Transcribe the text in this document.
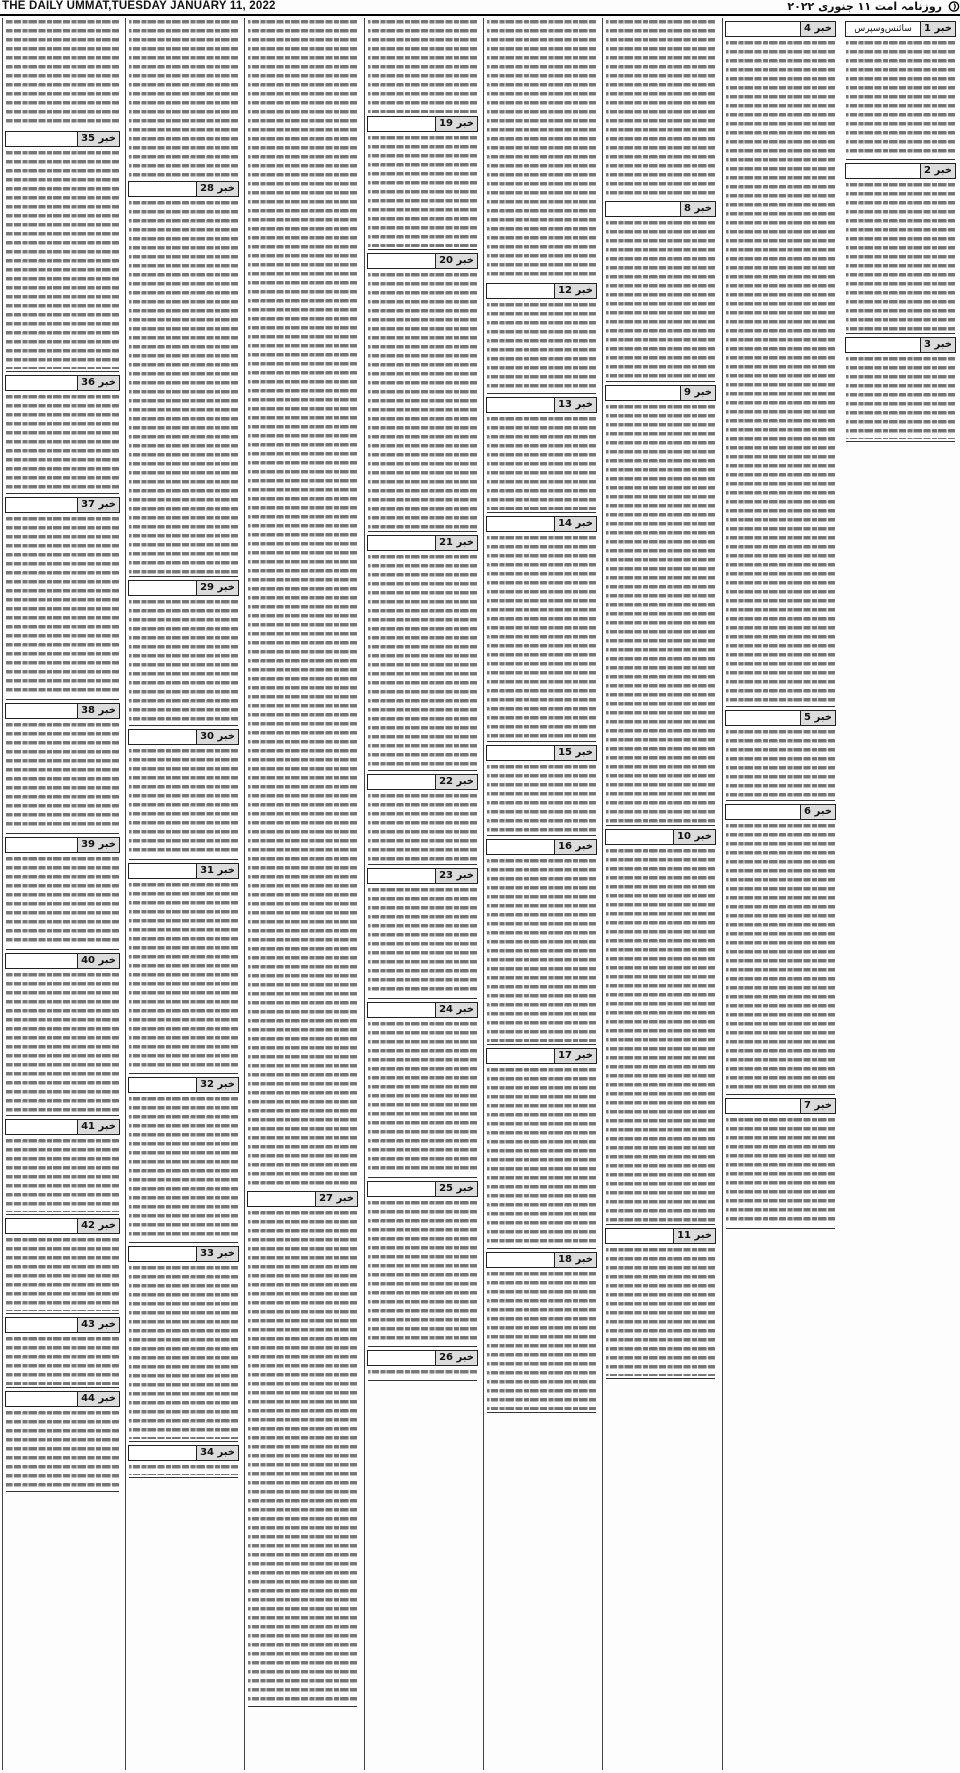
THE DAILY UMMAT,TUESDAY JANUARY 11, 2022	روزنامہ امت ۱۱ جنوری ۲۰۲۲
خبر 1
سائنس‌وسپرس
خبر 2
خبر 3
خبر 4
خبر 5
خبر 6
خبر 7
خبر 8
خبر 9
خبر 10
خبر 11
خبر 12
خبر 13
خبر 14
خبر 15
خبر 16
خبر 17
خبر 18
خبر 19
خبر 20
خبر 21
خبر 22
خبر 23
خبر 24
خبر 25
خبر 26
خبر 27
خبر 28
خبر 29
خبر 30
خبر 31
خبر 32
خبر 33
خبر 34
خبر 35
خبر 36
خبر 37
خبر 38
خبر 39
خبر 40
خبر 41
خبر 42
خبر 43
خبر 44
